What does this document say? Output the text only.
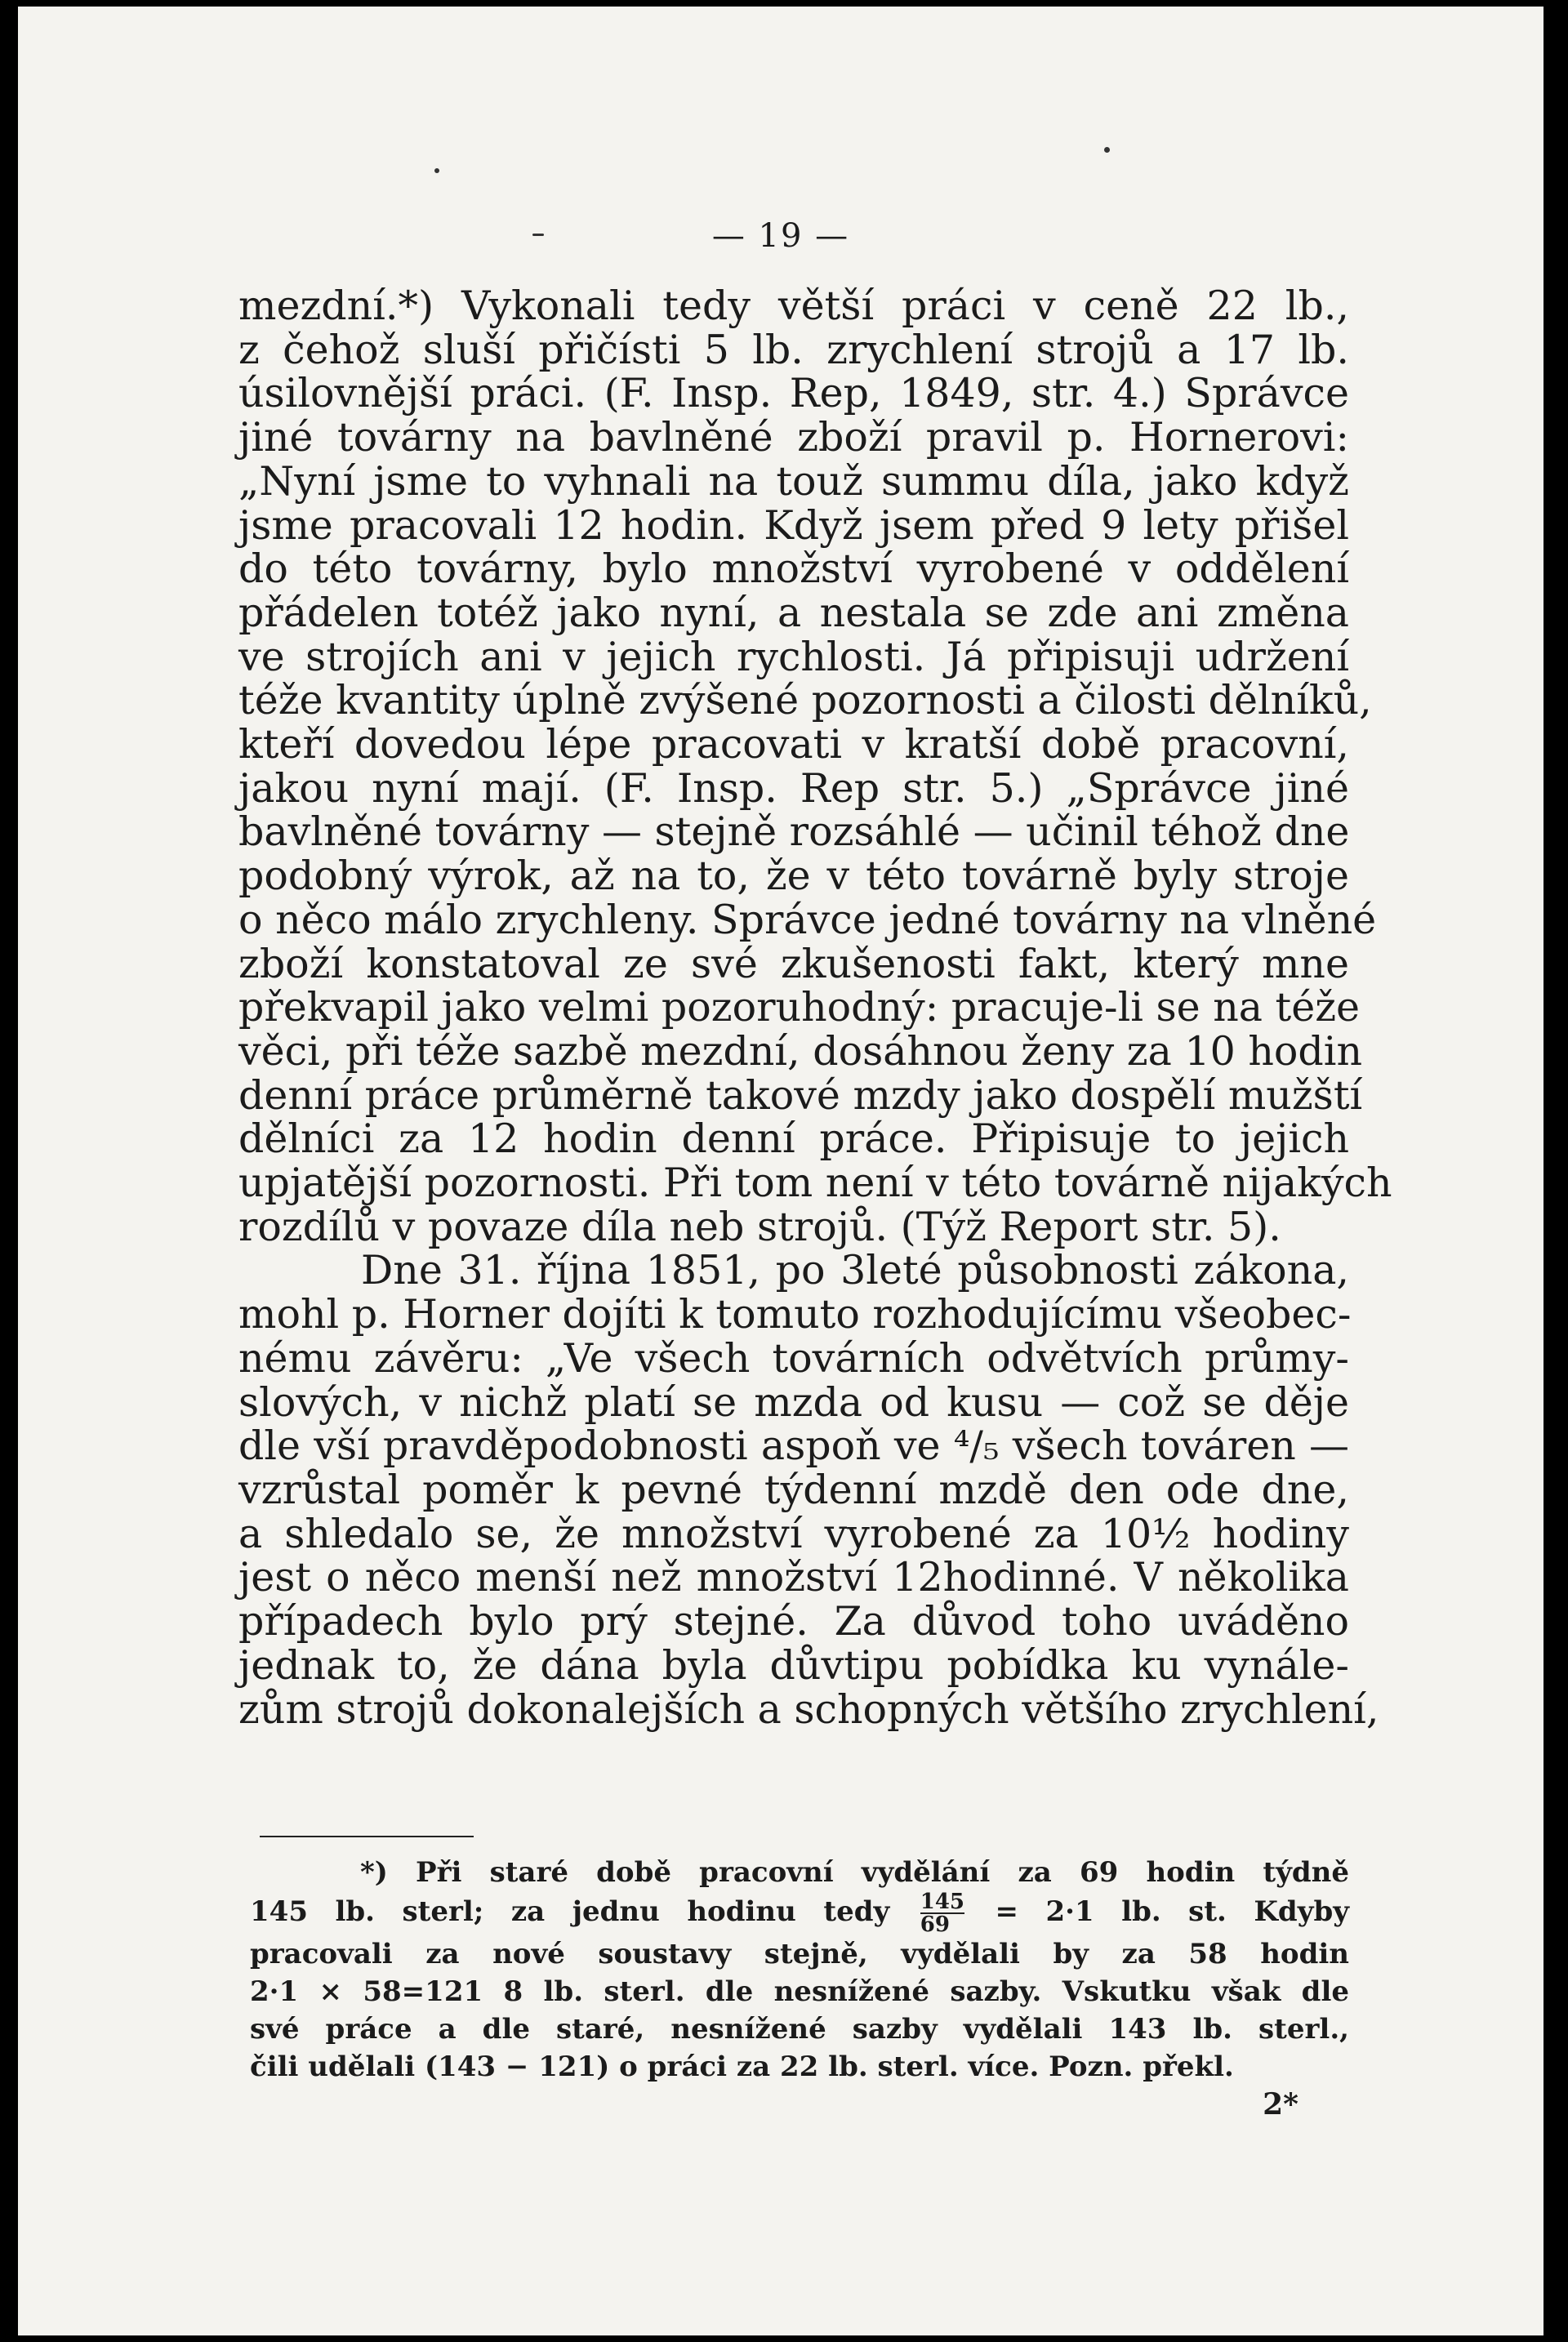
— 19 —
mezdní.*) Vykonali tedy větší práci v ceně 22 lb.,
z čehož sluší přičísti 5 lb. zrychlení strojů a 17 lb.
úsilovnější práci. (F. Insp. Rep, 1849, str. 4.) Správce
jiné továrny na bavlněné zboží pravil p. Hornerovi:
„Nyní jsme to vyhnali na touž summu díla, jako když
jsme pracovali 12 hodin. Když jsem před 9 lety přišel
do této továrny, bylo množství vyrobené v oddělení
přádelen totéž jako nyní, a nestala se zde ani změna
ve strojích ani v jejich rychlosti. Já připisuji udržení
téže kvantity úplně zvýšené pozornosti a čilosti dělníků,
kteří dovedou lépe pracovati v kratší době pracovní,
jakou nyní mají. (F. Insp. Rep str. 5.) „Správce jiné
bavlněné továrny — stejně rozsáhlé — učinil téhož dne
podobný výrok, až na to, že v této továrně byly stroje
o něco málo zrychleny. Správce jedné továrny na vlněné
zboží konstatoval ze své zkušenosti fakt, který mne
překvapil jako velmi pozoruhodný: pracuje-li se na téže
věci, při téže sazbě mezdní, dosáhnou ženy za 10 hodin
denní práce průměrně takové mzdy jako dospělí mužští
dělníci za 12 hodin denní práce. Připisuje to jejich
upjatější pozornosti. Při tom není v této továrně nijakých
rozdílů v povaze díla neb strojů. (Týž Report str. 5).
Dne 31. října 1851, po 3leté působnosti zákona,
mohl p. Horner dojíti k tomuto rozhodujícímu všeobec-
nému závěru: „Ve všech továrních odvětvích průmy-
slových, v nichž platí se mzda od kusu — což se děje
dle vší pravděpodobnosti aspoň ve ⁴/₅ všech továren —
vzrůstal poměr k pevné týdenní mzdě den ode dne,
a shledalo se, že množství vyrobené za 10½ hodiny
jest o něco menší než množství 12hodinné. V několika
případech bylo prý stejné. Za důvod toho uváděno
jednak to, že dána byla důvtipu pobídka ku vynále-
zům strojů dokonalejších a schopných většího zrychlení,
*) Při staré době pracovní vydělání za 69 hodin týdně
145 lb. sterl; za jednu hodinu tedy $\frac{145}{69} = 2\cdot 1$ lb. st. Kdyby
pracovali za nové soustavy stejně, vydělali by za 58 hodin
2·1 × 58=121 8 lb. sterl. dle nesnížené sazby. Vskutku však dle
své práce a dle staré, nesnížené sazby vydělali 143 lb. sterl.,
čili udělali (143 − 121) o práci za 22 lb. sterl. více. Pozn. překl.
2*
